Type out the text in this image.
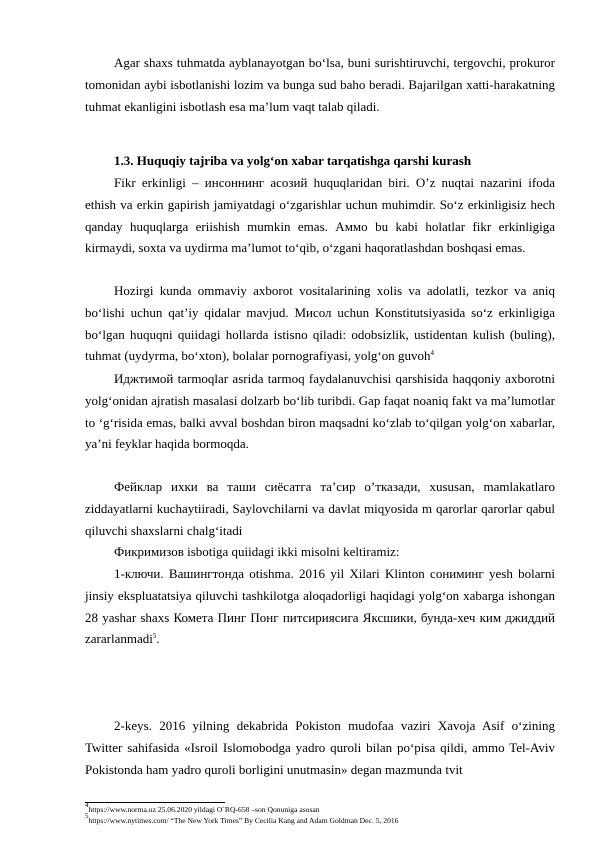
Agar shaxs tuhmatda ayblanayotgan bo‘lsa, buni surishtiruvchi, tergovchi, prokuror tomonidan aybi isbotlanishi lozim va bunga sud baho beradi. Bajarilgan xatti-harakatning tuhmat ekanligini isbotlash esa ma’lum vaqt talab qiladi.

1.3. Huquqiy tajriba va yolg‘on xabar tarqatishga qarshi kurash

Fikr erkinligi – инсоннинг асозий huquqlaridan biri. O’z nuqtai nazarini ifoda ethish va erkin gapirish jamiyatdagi o‘zgarishlar uchun muhimdir. So‘z erkinligisiz hech qanday huquqlarga eriishish mumkin emas. Аммо bu kabi holatlar fikr erkinligiga kirmaydi, soxta va uydirma ma’lumot to‘qib, o‘zgani haqoratlashdan boshqasi emas.

Hozirgi kunda ommaviy axborot vositalarining xolis va adolatli, tezkor va aniq bo‘lishi uchun qat’iy qidalar mavjud. Мисол uchun Konstitutsiyasida so‘z erkinligiga bo‘lgan huquqni quiidagi hollarda istisno qiladi: odobsizlik, ustidentan kulish (buling), tuhmat (uydyrma, bo‘xton), bolalar pornografiyasi, yolg‘on guvoh$^4$

Иджтимой tarmoqlar asrida tarmoq faydalanuvchisi qarshisida haqqoniy axborotni yolg‘onidan ajratish masalasi dolzarb bo‘lib turibdi. Gap faqat noaniq fakt va ma’lumotlar to ‘g‘risida emas, balki avval boshdan biron maqsadni ko‘zlab to‘qilgan yolg‘on xabarlar, ya’ni feyklar haqida bormoqda.

Фейклар ихки ва таши сиёсатга та’сир о’тказади, xususan, mamlakatlaro ziddayatlarni kuchaytiiradi, Saylovchilarni va davlat miqyosida m qarorlar qarorlar qabul qiluvchi shaxslarni chalg‘itadi

Фикримизов isbotiga quiidagi ikki misolni keltiramiz:

1-ключи. Вашингтонда otishma. 2016 yil Xilari Klinton сониминг yesh bolarni jinsiy ekspluatatsiya qiluvchi tashkilotga aloqadorligi haqidagi yolg‘on xabarga ishongan 28 yashar shaxs Комета Пинг Понг питсириясига Яксшики, бунда-хеч ким джиддий zararlanmadi$^5$.

2-keys. 2016 yilning dekabrida Pokiston mudofaa vaziri Xavoja Asif o‘zining Twitter sahifasida «Isroil Islomobodga yadro quroli bilan po‘pisa qildi, ammo Tel-Aviv Pokistonda ham yadro quroli borligini unutmasin» degan mazmunda tvit

$^4$https://www.norma.uz 25.06.2020 yildagi O`RQ-658 –son Qonuniga asosan

$^5$https://www.nytimes.com/ “The New York Times” By Cecilia Kang and Adam Goldman Dec. 5, 2016
